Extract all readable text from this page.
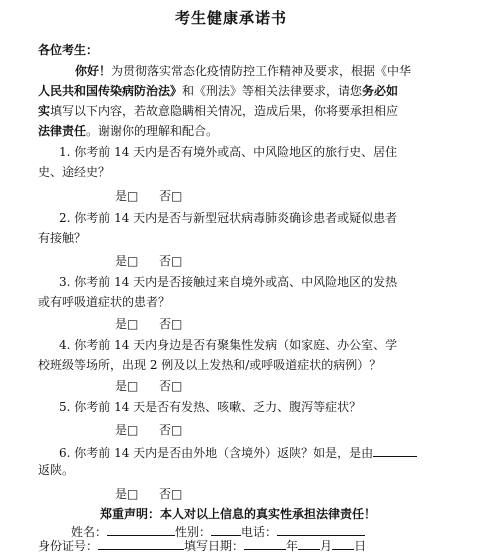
考生健康承诺书
各位考生：
你好！为贯彻落实常态化疫情防控工作精神及要求，根据《中华
人民共和国传染病防治法》和《刑法》等相关法律要求，请您务必如
实填写以下内容，若故意隐瞒相关情况，造成后果，你将要承担相应
法律责任。谢谢你的理解和配合。
1. 你考前 14 天内是否有境外或高、中风险地区的旅行史、居住
史、途经史？
是□ 否□
2. 你考前 14 天内是否与新型冠状病毒肺炎确诊患者或疑似患者
有接触？
是□ 否□
3. 你考前 14 天内是否接触过来自境外或高、中风险地区的发热
或有呼吸道症状的患者？
是□ 否□
4. 你考前 14 天内身边是否有聚集性发病（如家庭、办公室、学
校班级等场所，出现 2 例及以上发热和/或呼吸道症状的病例）？
是□ 否□
5. 你考前 14 天是否有发热、咳嗽、乏力、腹泻等症状？
是□ 否□
6. 你考前 14 天内是否由外地（含境外）返陕？如是，是由
返陕。
是□ 否□
郑重声明：本人对以上信息的真实性承担法律责任！
姓名：	性别：	电话：
身份证号：	填写日期：	年 月 日
